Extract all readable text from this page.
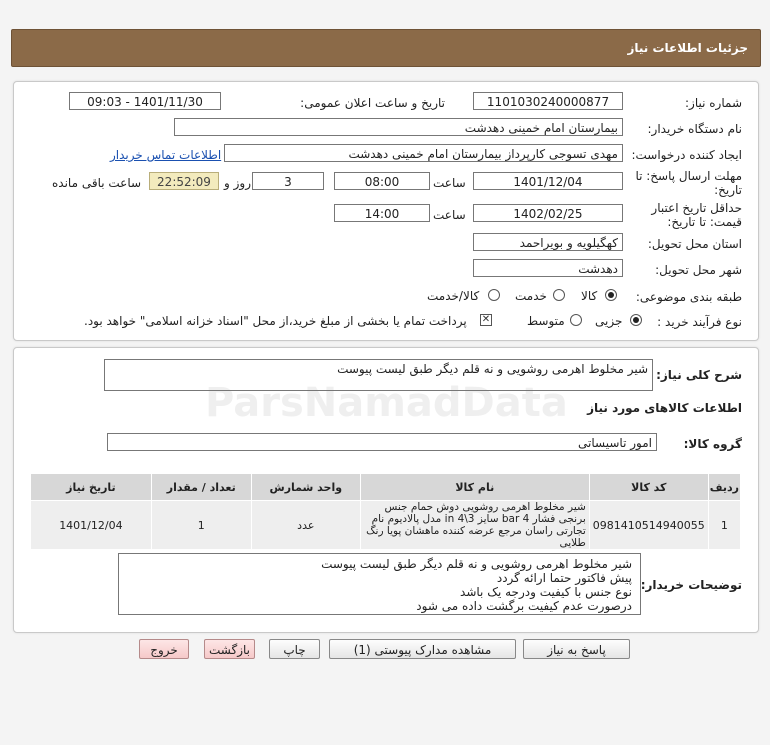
جزئیات اطلاعات نیاز
شماره نیاز:
1101030240000877
تاریخ و ساعت اعلان عمومی:
1401/11/30 - 09:03
نام دستگاه خریدار:
بیمارستان امام خمینی دهدشت
ایجاد کننده درخواست:
مهدی تسوجی کارپرداز بیمارستان امام خمینی دهدشت
اطلاعات تماس خریدار
مهلت ارسال پاسخ: تا
تاریخ:
1401/12/04
ساعت
08:00
3
روز و
22:52:09
ساعت باقی مانده
حداقل تاریخ اعتبار
قیمت: تا تاریخ:
1402/02/25
ساعت
14:00
استان محل تحویل:
کهگیلویه و بویراحمد
شهر محل تحویل:
دهدشت
طبقه بندی موضوعی:
کالا
خدمت
کالا/خدمت
نوع فرآیند خرید :
جزیی
متوسط
✕
پرداخت تمام یا بخشی از مبلغ خرید،از محل "اسناد خزانه اسلامی" خواهد بود.
شرح کلی نیاز:
شیر مخلوط اهرمی روشویی و نه قلم دیگر طبق لیست پیوست
اطلاعات کالاهای مورد نیاز
گروه کالا:
امور تاسیساتی
ردیف	کد کالا	نام کالا	واحد شمارش	تعداد / مقدار	تاریخ نیاز
1	0981410514940055	شیر مخلوط اهرمی روشویی دوش حمام جنس برنجی فشار bar 4 سایز in 4\3 مدل پالادیوم نام تجارتی راسان مرجع عرضه کننده ماهشان پویا رنگ طلایی	عدد	1	1401/12/04
توضیحات خریدار:
شیر مخلوط اهرمی روشویی و نه قلم دیگر طبق لیست پیوست
پیش فاکتور حتما ارائه گردد
نوع جنس با کیفیت ودرجه یک باشد
درصورت عدم کیفیت برگشت داده می شود
پاسخ به نیاز
مشاهده مدارک پیوستی (1)
چاپ
بازگشت
خروج
